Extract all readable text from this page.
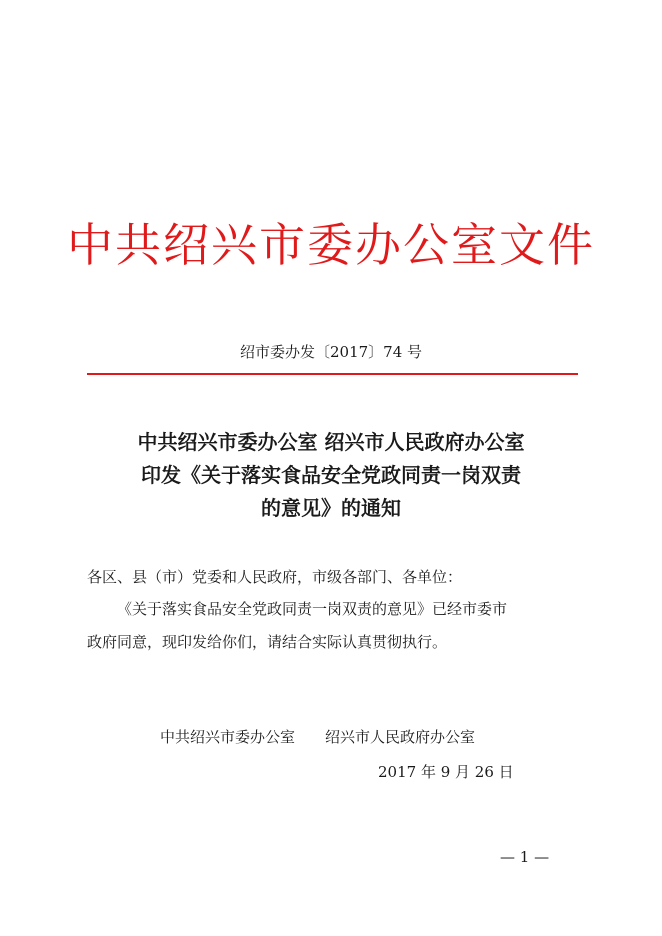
中共绍兴市委办公室文件
绍市委办发〔2017〕74 号
中共绍兴市委办公室 绍兴市人民政府办公室
印发《关于落实食品安全党政同责一岗双责
的意见》的通知
各区、县（市）党委和人民政府，市级各部门、各单位：
《关于落实食品安全党政同责一岗双责的意见》已经市委市
政府同意，现印发给你们，请结合实际认真贯彻执行。
中共绍兴市委办公室 绍兴市人民政府办公室
2017 年 9 月 26 日
— 1 —
